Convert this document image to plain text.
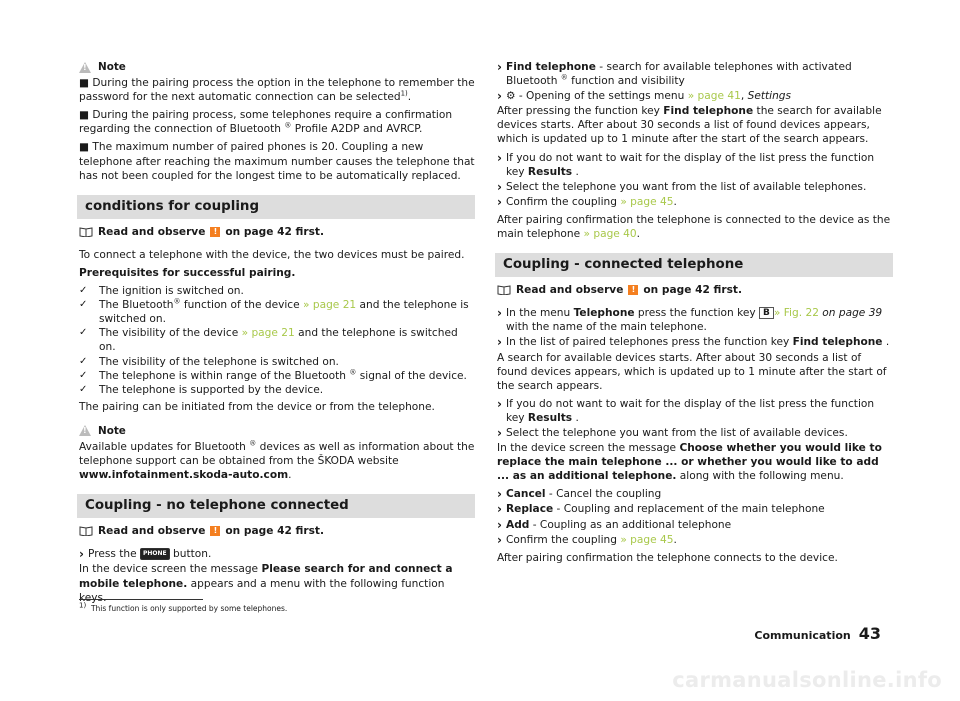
!
Note

■ During the pairing process the option in the telephone to remember the password for the next automatic connection can be selected$^{1)}$.

■ During the pairing process, some telephones require a confirmation regarding the connection of Bluetooth ® Profile A2DP and AVRCP.

■ The maximum number of paired phones is 20. Coupling a new telephone after reaching the maximum number causes the telephone that has not been coupled for the longest time to be automatically replaced.

conditions for coupling
Read and observe	! on page 42 first.

To connect a telephone with the device, the two devices must be paired.

Prerequisites for successful pairing.

✓	The ignition is switched on.
✓	The Bluetooth® function of the device » page 21 and the telephone is switched on.
✓	The visibility of the device » page 21 and the telephone is switched on.
✓	The visibility of the telephone is switched on.
✓	The telephone is within range of the Bluetooth ® signal of the device.
✓	The telephone is supported by the device.

The pairing can be initiated from the device or from the telephone.

!
Note

Available updates for Bluetooth ® devices as well as information about the telephone support can be obtained from the ŠKODA website www.infotainment.skoda-auto.com.

Coupling - no telephone connected
Read and observe	! on page 42 first.
› Press the PHONE button.

In the device screen the message Please search for and connect a mobile telephone. appears and a menu with the following function keys.

› Find telephone - search for available telephones with activated Bluetooth ® function and visibility
› ⚙ - Opening of the settings menu » page 41, Settings

After pressing the function key Find telephone the search for available devices starts. After about 30 seconds a list of found devices appears, which is updated up to 1 minute after the start of the search appears.

› If you do not want to wait for the display of the list press the function key Results .
› Select the telephone you want from the list of available telephones.
› Confirm the coupling » page 45.

After pairing confirmation the telephone is connected to the device as the main telephone » page 40.

Coupling - connected telephone
Read and observe	! on page 42 first.
› In the menu Telephone press the function key B » Fig. 22 on page 39 with the name of the main telephone.
› In the list of paired telephones press the function key Find telephone .

A search for available devices starts. After about 30 seconds a list of found devices appears, which is updated up to 1 minute after the start of the search appears.

› If you do not want to wait for the display of the list press the function key Results .
› Select the telephone you want from the list of available devices.

In the device screen the message Choose whether you would like to replace the main telephone ... or whether you would like to add ... as an additional telephone. along with the following menu.

› Cancel - Cancel the coupling
› Replace - Coupling and replacement of the main telephone
› Add - Coupling as an additional telephone
› Confirm the coupling » page 45.

After pairing confirmation the telephone connects to the device.

1) This function is only supported by some telephones.
Communication 43
carmanualsonline.info
